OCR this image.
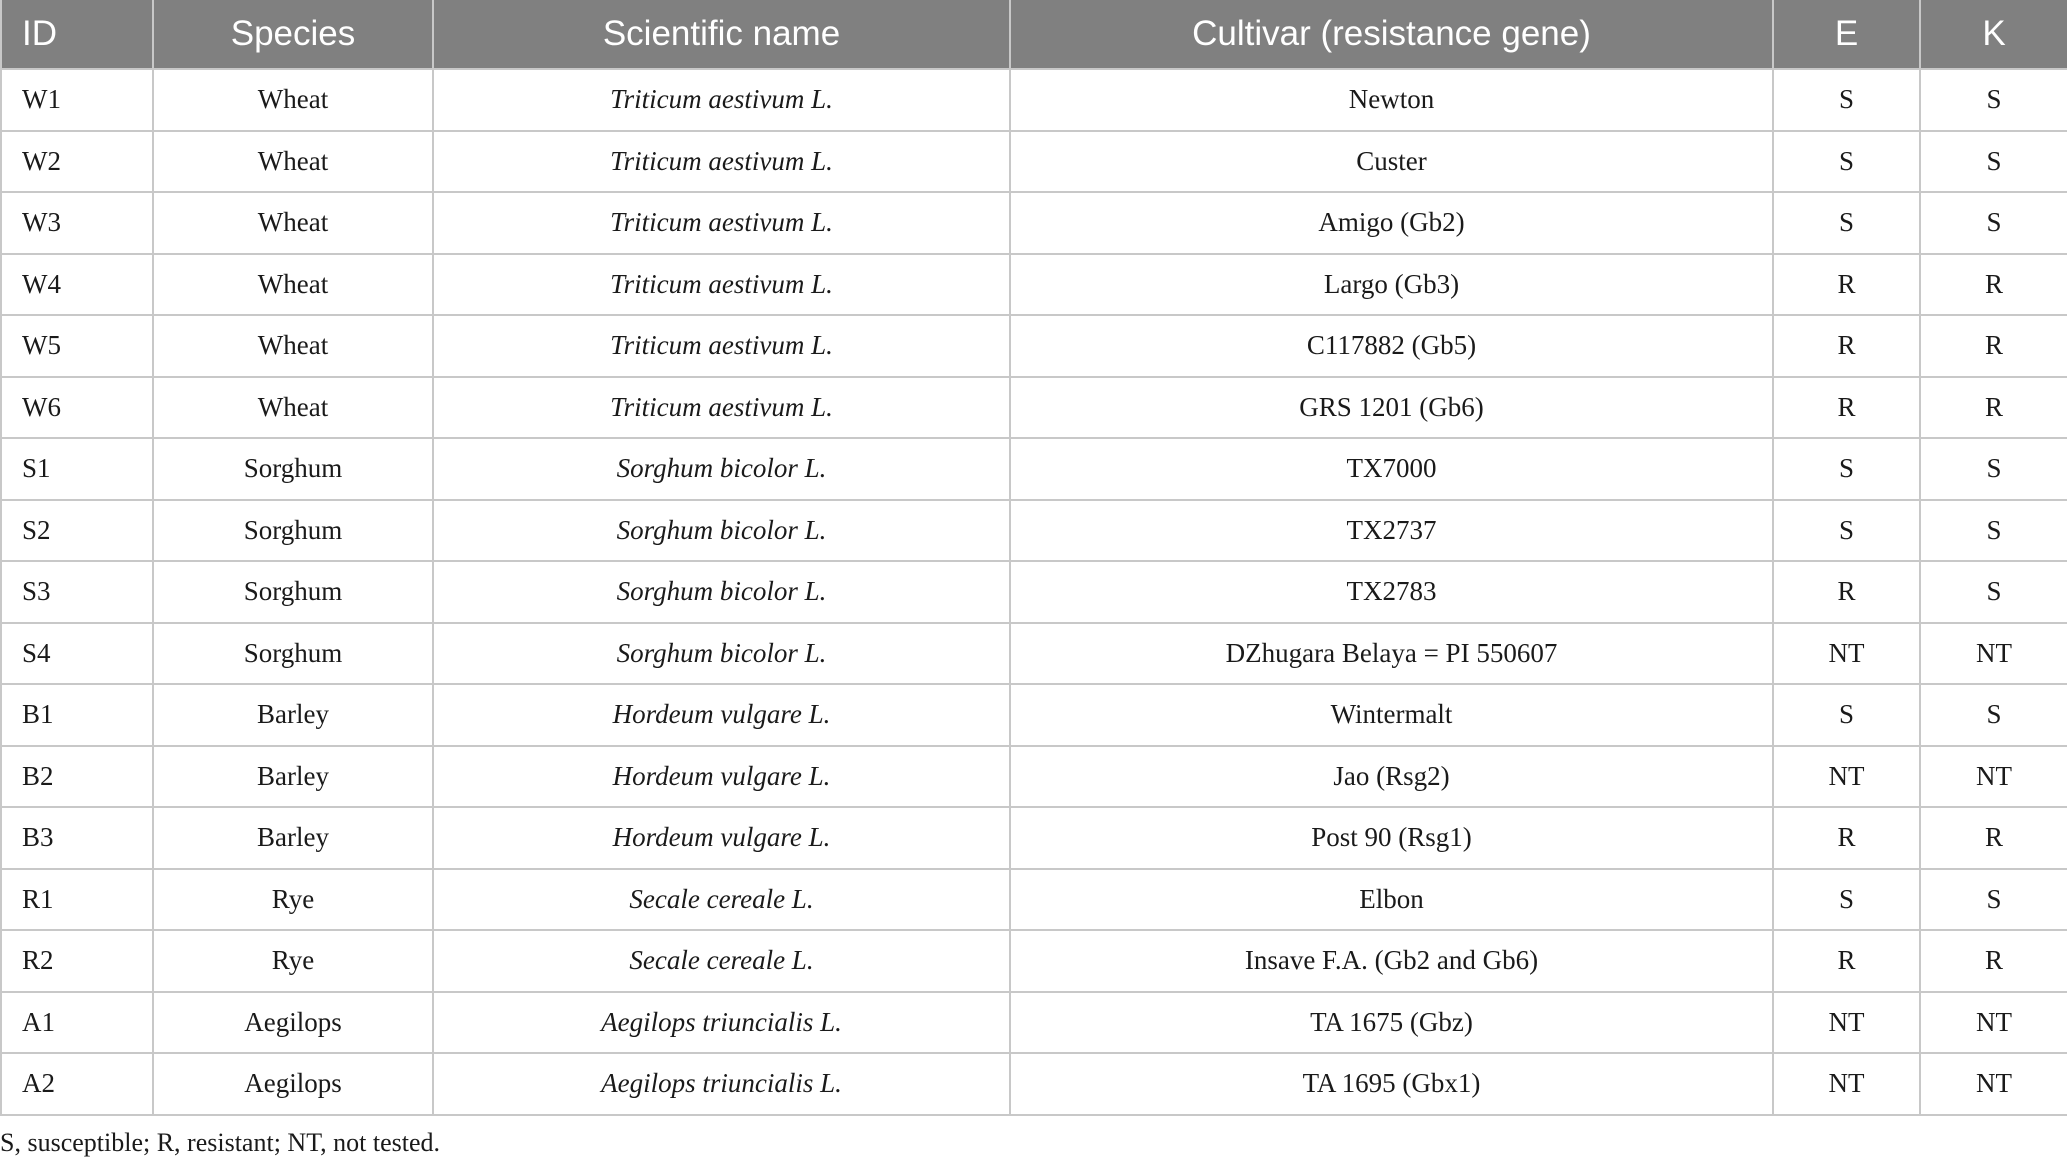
ID	Species	Scientific name	Cultivar (resistance gene)	E	K
W1	Wheat	Triticum aestivum L.	Newton	S	S
W2	Wheat	Triticum aestivum L.	Custer	S	S
W3	Wheat	Triticum aestivum L.	Amigo (Gb2)	S	S
W4	Wheat	Triticum aestivum L.	Largo (Gb3)	R	R
W5	Wheat	Triticum aestivum L.	C117882 (Gb5)	R	R
W6	Wheat	Triticum aestivum L.	GRS 1201 (Gb6)	R	R
S1	Sorghum	Sorghum bicolor L.	TX7000	S	S
S2	Sorghum	Sorghum bicolor L.	TX2737	S	S
S3	Sorghum	Sorghum bicolor L.	TX2783	R	S
S4	Sorghum	Sorghum bicolor L.	DZhugara Belaya = PI 550607	NT	NT
B1	Barley	Hordeum vulgare L.	Wintermalt	S	S
B2	Barley	Hordeum vulgare L.	Jao (Rsg2)	NT	NT
B3	Barley	Hordeum vulgare L.	Post 90 (Rsg1)	R	R
R1	Rye	Secale cereale L.	Elbon	S	S
R2	Rye	Secale cereale L.	Insave F.A. (Gb2 and Gb6)	R	R
A1	Aegilops	Aegilops triuncialis L.	TA 1675 (Gbz)	NT	NT
A2	Aegilops	Aegilops triuncialis L.	TA 1695 (Gbx1)	NT	NT
S, susceptible; R, resistant; NT, not tested.
